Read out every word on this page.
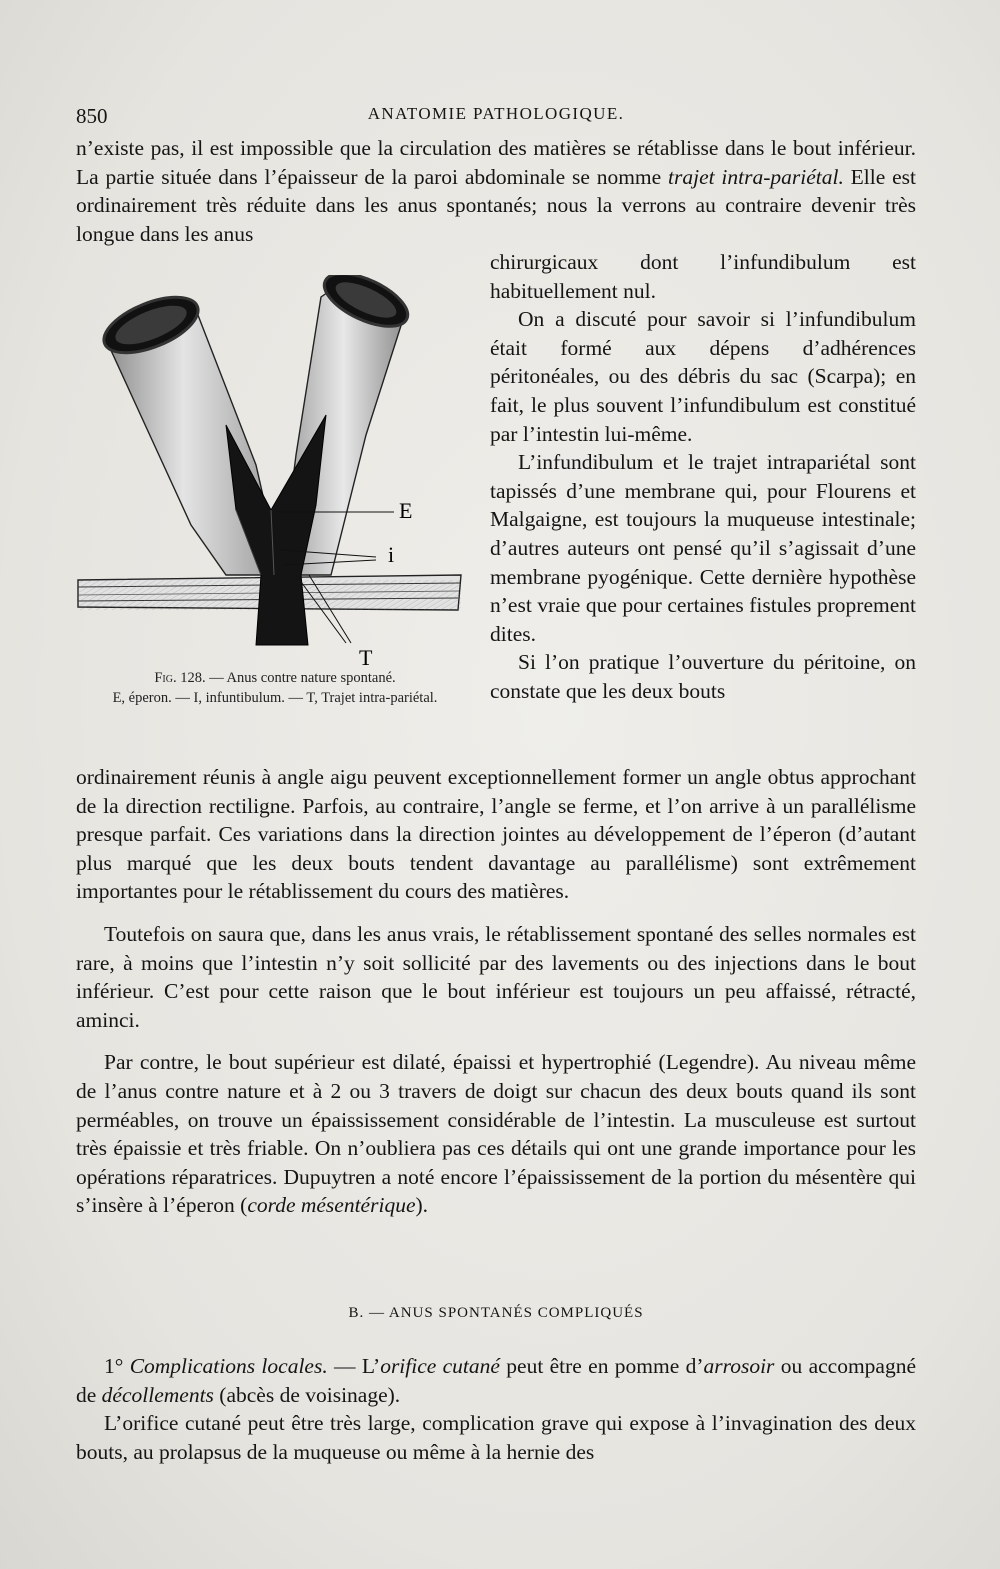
850	ANATOMIE PATHOLOGIQUE.

n’existe pas, il est impossible que la circulation des matières se rétablisse dans le bout inférieur. La partie située dans l’épaisseur de la paroi abdominale se nomme trajet intra-pariétal. Elle est ordinairement très réduite dans les anus spontanés; nous la verrons au contraire devenir très longue dans les anus

chirurgicaux dont l’infundibulum est habituellement nul.

On a discuté pour savoir si l’infundibulum était formé aux dépens d’adhérences péritonéales, ou des débris du sac (Scarpa); en fait, le plus souvent l’infundibulum est constitué par l’intestin lui-même.

L’infundibulum et le trajet intrapariétal sont tapissés d’une membrane qui, pour Flourens et Malgaigne, est toujours la muqueuse intestinale; d’autres auteurs ont pensé qu’il s’agissait d’une membrane pyogénique. Cette dernière hypothèse n’est vraie que pour certaines fistules proprement dites.

Si l’on pratique l’ouverture du péritoine, on constate que les deux bouts

E
i
T
Fig. 128. — Anus contre nature spontané.
E, éperon. — I, infuntibulum. — T, Trajet intra-pariétal.

ordinairement réunis à angle aigu peuvent exceptionnellement former un angle obtus approchant de la direction rectiligne. Parfois, au contraire, l’angle se ferme, et l’on arrive à un parallélisme presque parfait. Ces variations dans la direction jointes au développement de l’éperon (d’autant plus marqué que les deux bouts tendent davantage au parallélisme) sont extrêmement importantes pour le rétablissement du cours des matières.

Toutefois on saura que, dans les anus vrais, le rétablissement spontané des selles normales est rare, à moins que l’intestin n’y soit sollicité par des lavements ou des injections dans le bout inférieur. C’est pour cette raison que le bout inférieur est toujours un peu affaissé, rétracté, aminci.

Par contre, le bout supérieur est dilaté, épaissi et hypertrophié (Legendre). Au niveau même de l’anus contre nature et à 2 ou 3 travers de doigt sur chacun des deux bouts quand ils sont perméables, on trouve un épaississement considérable de l’intestin. La musculeuse est surtout très épaissie et très friable. On n’oubliera pas ces détails qui ont une grande importance pour les opérations réparatrices. Dupuytren a noté encore l’épaississement de la portion du mésentère qui s’insère à l’éperon (corde mésentérique).

B. — ANUS SPONTANÉS COMPLIQUÉS

1° Complications locales. — L’orifice cutané peut être en pomme d’arrosoir ou accompagné de décollements (abcès de voisinage).

L’orifice cutané peut être très large, complication grave qui expose à l’invagination des deux bouts, au prolapsus de la muqueuse ou même à la hernie des
